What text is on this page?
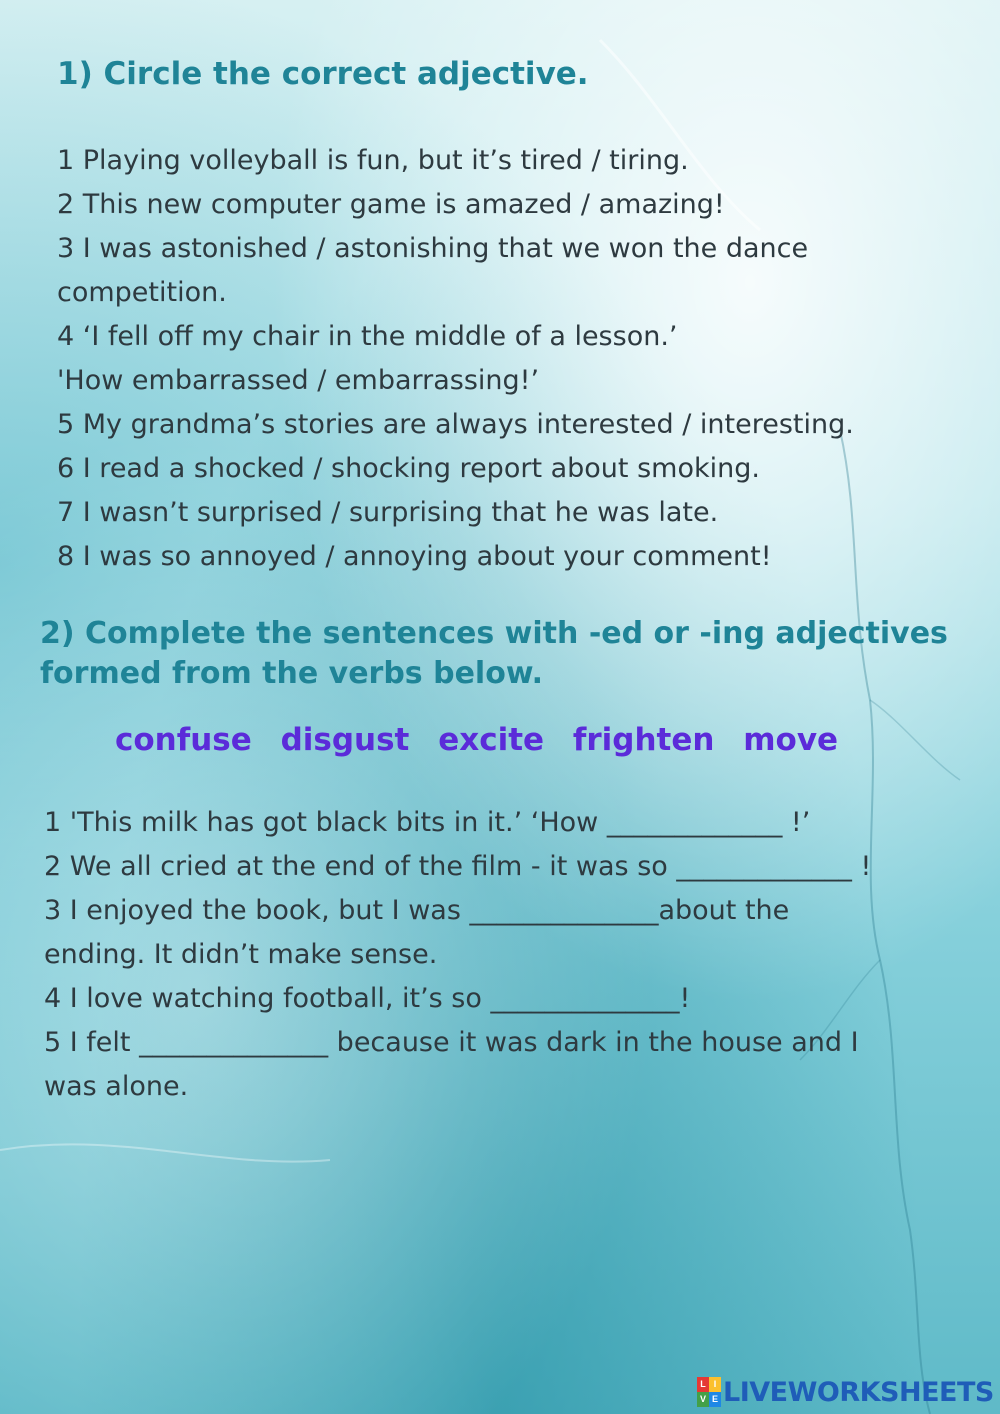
1) Circle the correct adjective.
1 Playing volleyball is fun, but it’s tired / tiring.
2 This new computer game is amazed / amazing!
3 I was astonished / astonishing that we won the dance
competition.
4 ‘I fell off my chair in the middle of a lesson.’
'How embarrassed / embarrassing!’
5 My grandma’s stories are always interested / interesting.
6 I read a shocked / shocking report about smoking.
7 I wasn’t surprised / surprising that he was late.
8 I was so annoyed / annoying about your comment!
2) Complete the sentences with -ed or -ing adjectives
formed from the verbs below.
confuse disgust excite frighten move
1 'This milk has got black bits in it.’ ‘How _____________ !’
2 We all cried at the end of the film - it was so _____________ !
3 I enjoyed the book, but I was ______________about the
ending. It didn’t make sense.
4 I love watching football, it’s so ______________!
5 I felt ______________ because it was dark in the house and I
was alone.
L I
V E LIVEWORKSHEETS
